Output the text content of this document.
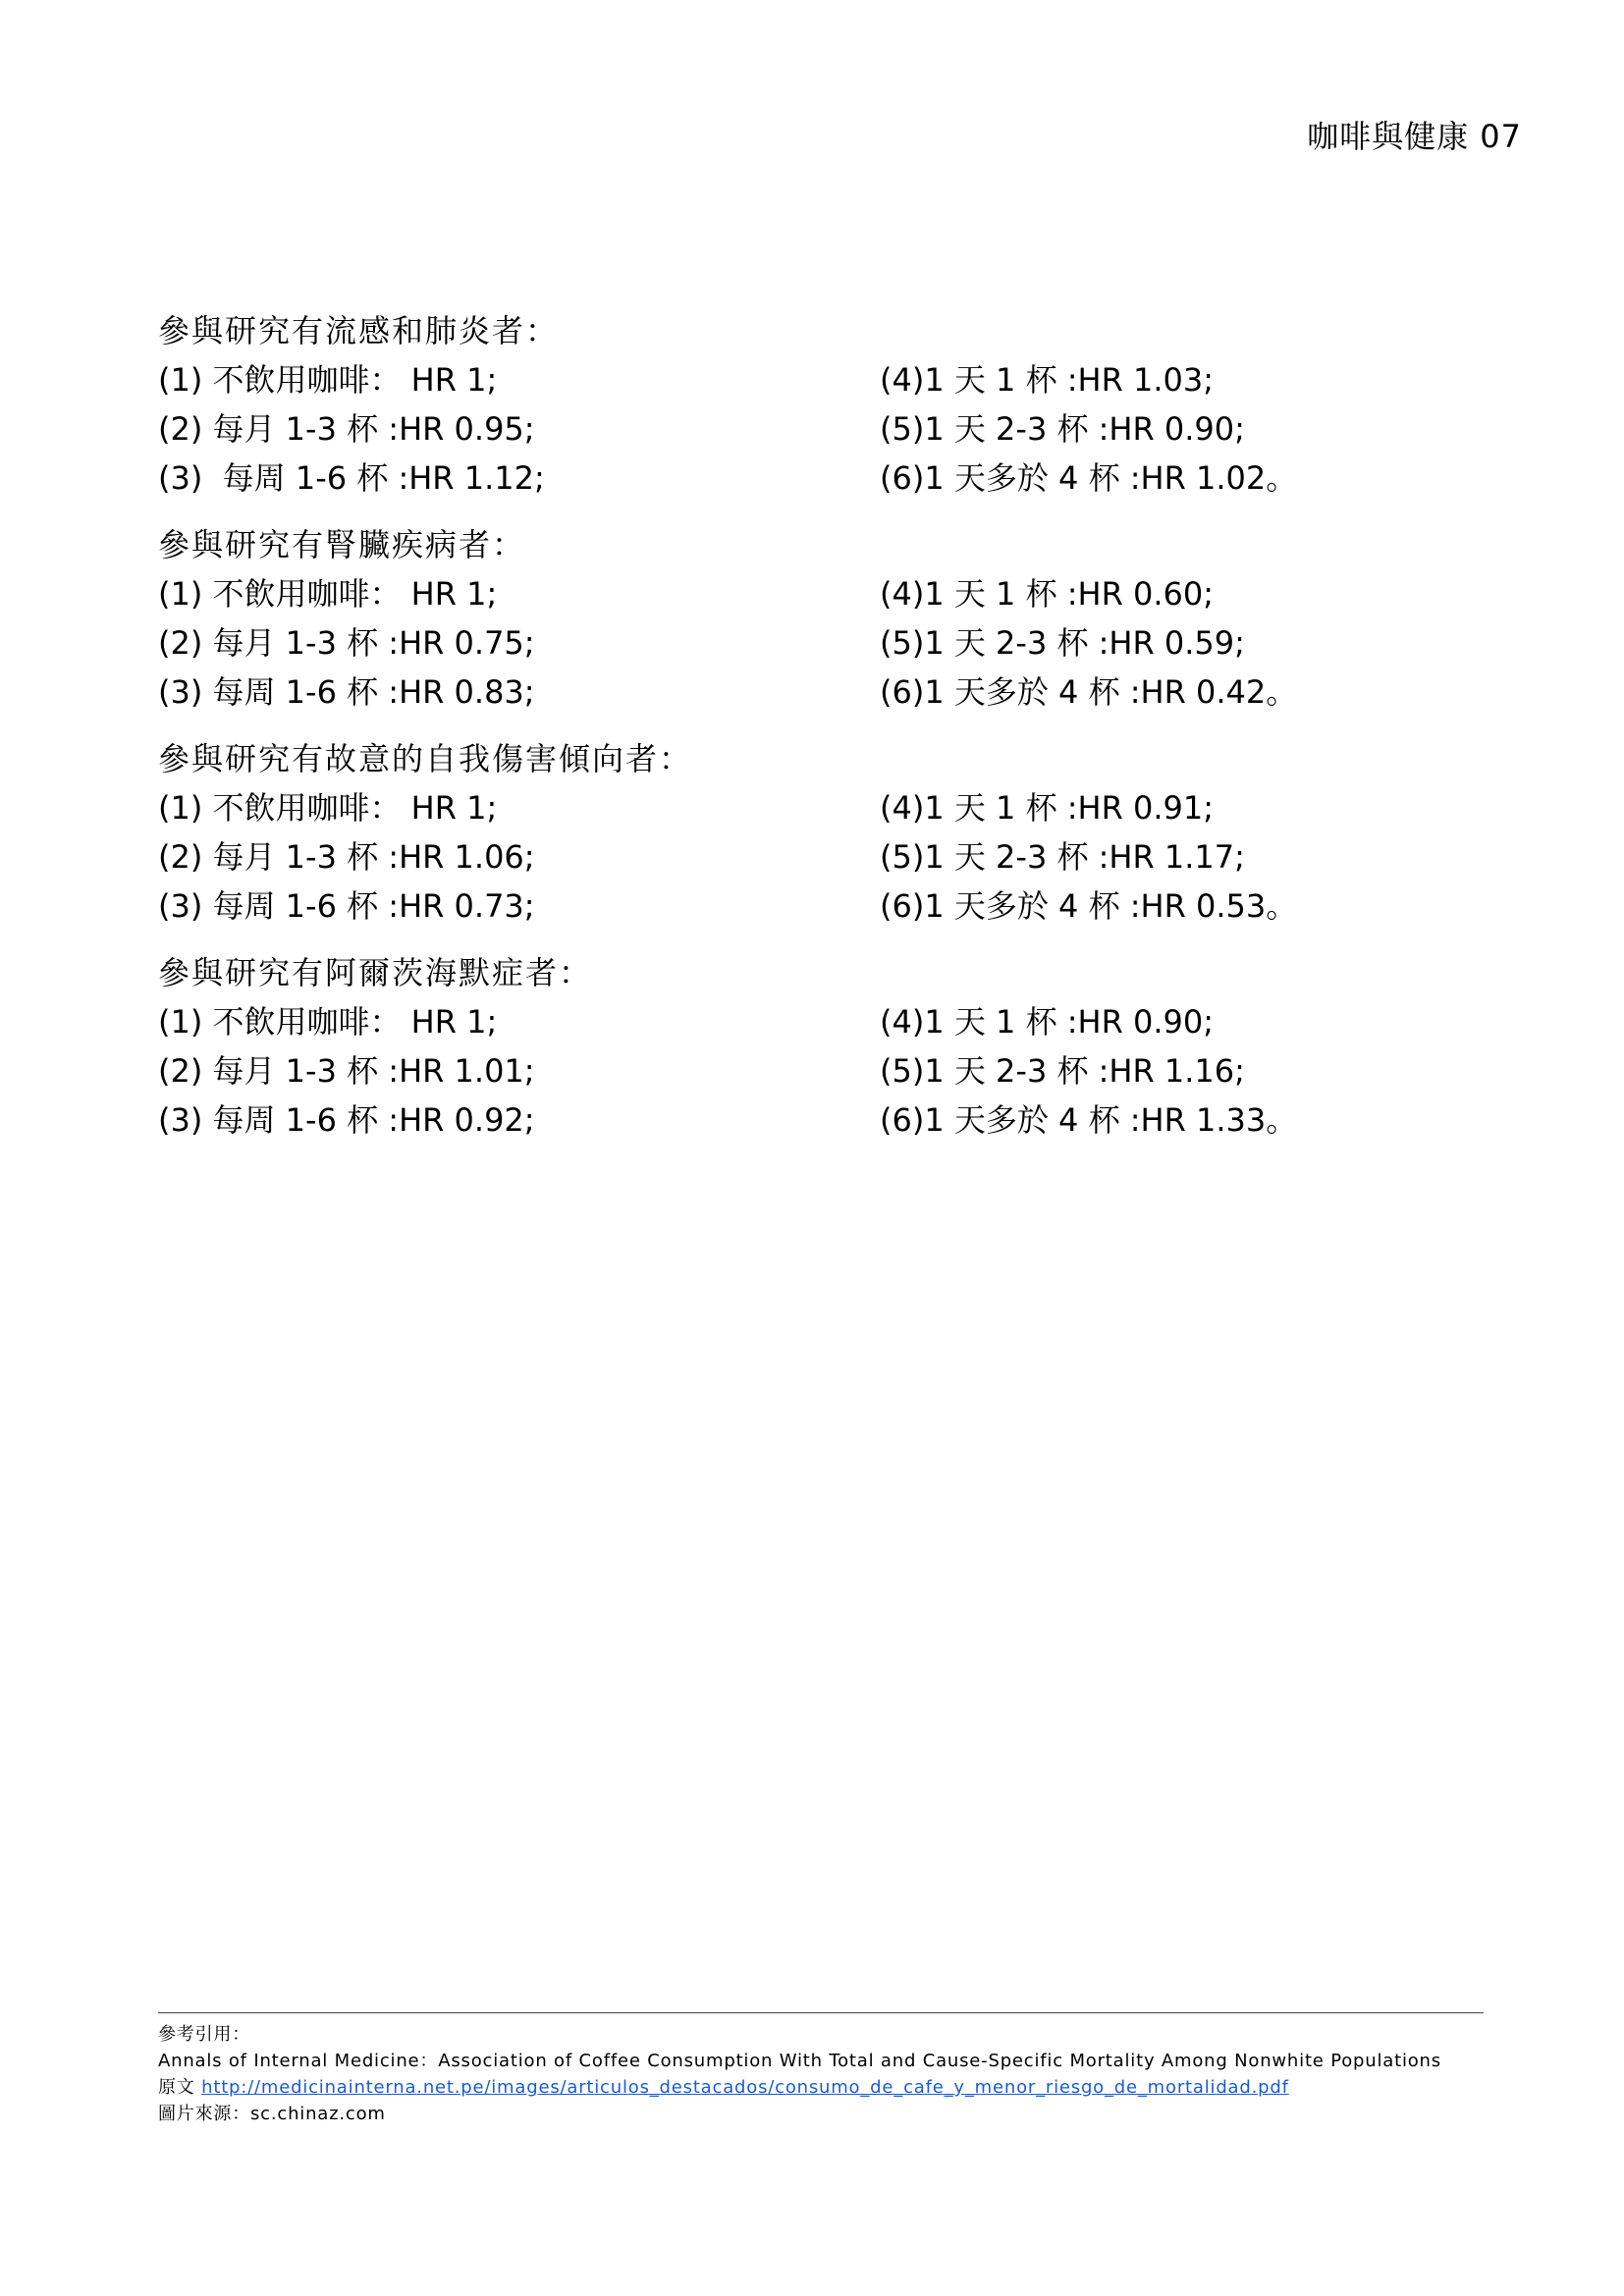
咖啡與健康 07
參與研究有流感和肺炎者：
(1) 不飲用咖啡： HR 1;	(4)1 天 1 杯 :HR 1.03;
(2) 每月 1-3 杯 :HR 0.95;	(5)1 天 2-3 杯 :HR 0.90;
(3)  每周 1-6 杯 :HR 1.12;	(6)1 天多於 4 杯 :HR 1.02。
參與研究有腎臟疾病者：
(1) 不飲用咖啡： HR 1;	(4)1 天 1 杯 :HR 0.60;
(2) 每月 1-3 杯 :HR 0.75;	(5)1 天 2-3 杯 :HR 0.59;
(3) 每周 1-6 杯 :HR 0.83;	(6)1 天多於 4 杯 :HR 0.42。
參與研究有故意的自我傷害傾向者：
(1) 不飲用咖啡： HR 1;	(4)1 天 1 杯 :HR 0.91;
(2) 每月 1-3 杯 :HR 1.06;	(5)1 天 2-3 杯 :HR 1.17;
(3) 每周 1-6 杯 :HR 0.73;	(6)1 天多於 4 杯 :HR 0.53。
參與研究有阿爾茨海默症者：
(1) 不飲用咖啡： HR 1;	(4)1 天 1 杯 :HR 0.90;
(2) 每月 1-3 杯 :HR 1.01;	(5)1 天 2-3 杯 :HR 1.16;
(3) 每周 1-6 杯 :HR 0.92;	(6)1 天多於 4 杯 :HR 1.33。
參考引用：
Annals of Internal Medicine：Association of Coffee Consumption With Total and Cause-Specific Mortality Among Nonwhite Populations
原文 http://medicinainterna.net.pe/images/articulos_destacados/consumo_de_cafe_y_menor_riesgo_de_mortalidad.pdf
圖片來源：sc.chinaz.com
